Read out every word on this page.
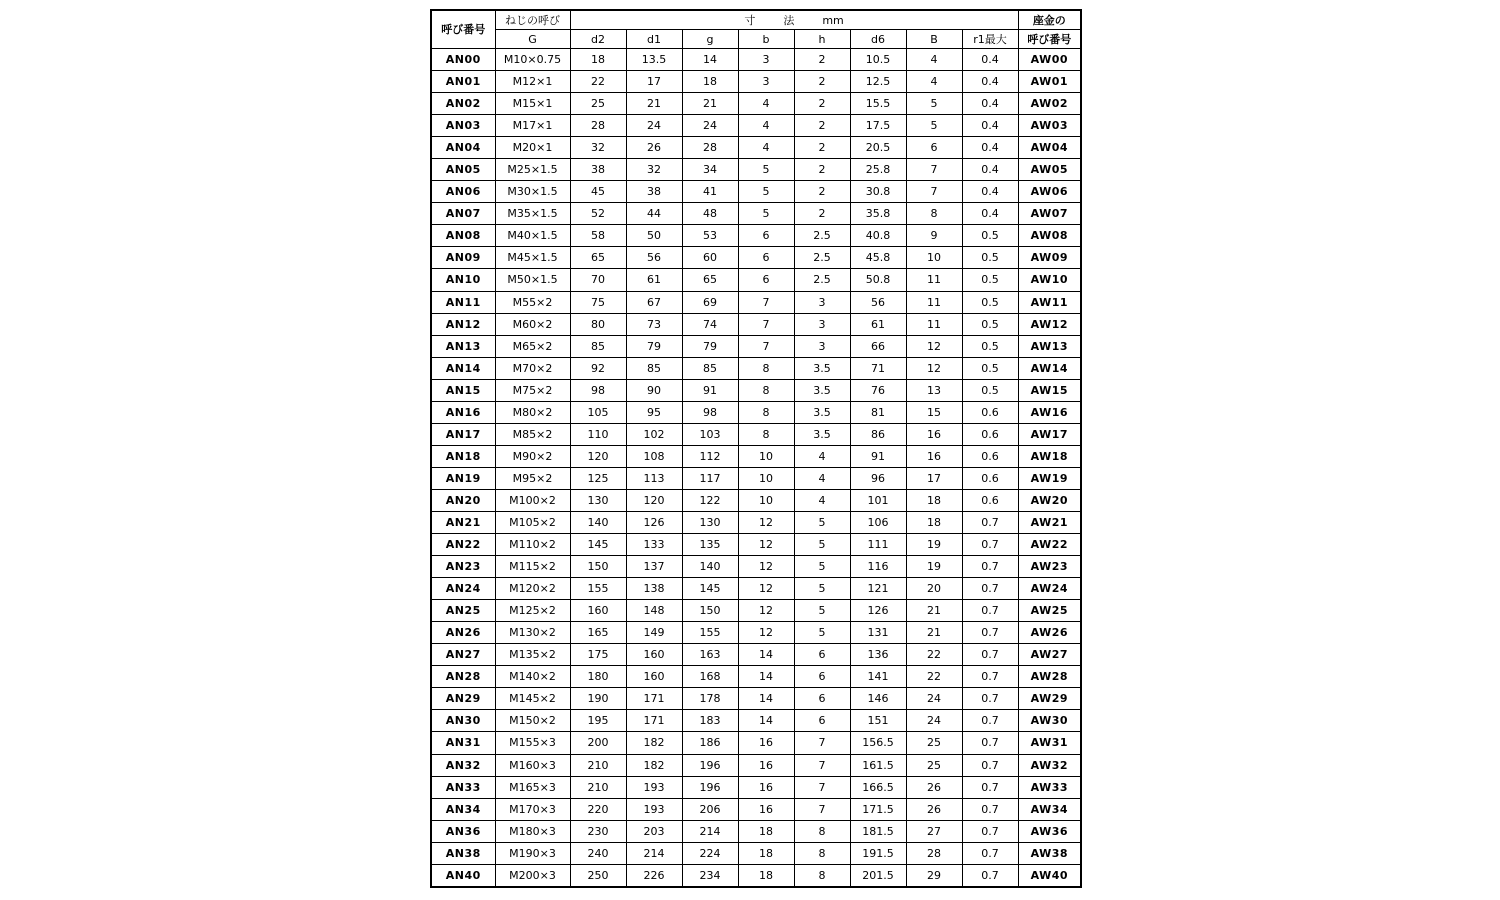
呼び番号	ねじの呼び	寸 法 mm								座金の
	G	d2	d1	g	b	h	d6	B	r1最大	呼び番号
AN00	M10×0.75	18	13.5	14	3	2	10.5	4	0.4	AW00
AN01	M12×1	22	17	18	3	2	12.5	4	0.4	AW01
AN02	M15×1	25	21	21	4	2	15.5	5	0.4	AW02
AN03	M17×1	28	24	24	4	2	17.5	5	0.4	AW03
AN04	M20×1	32	26	28	4	2	20.5	6	0.4	AW04
AN05	M25×1.5	38	32	34	5	2	25.8	7	0.4	AW05
AN06	M30×1.5	45	38	41	5	2	30.8	7	0.4	AW06
AN07	M35×1.5	52	44	48	5	2	35.8	8	0.4	AW07
AN08	M40×1.5	58	50	53	6	2.5	40.8	9	0.5	AW08
AN09	M45×1.5	65	56	60	6	2.5	45.8	10	0.5	AW09
AN10	M50×1.5	70	61	65	6	2.5	50.8	11	0.5	AW10
AN11	M55×2	75	67	69	7	3	56	11	0.5	AW11
AN12	M60×2	80	73	74	7	3	61	11	0.5	AW12
AN13	M65×2	85	79	79	7	3	66	12	0.5	AW13
AN14	M70×2	92	85	85	8	3.5	71	12	0.5	AW14
AN15	M75×2	98	90	91	8	3.5	76	13	0.5	AW15
AN16	M80×2	105	95	98	8	3.5	81	15	0.6	AW16
AN17	M85×2	110	102	103	8	3.5	86	16	0.6	AW17
AN18	M90×2	120	108	112	10	4	91	16	0.6	AW18
AN19	M95×2	125	113	117	10	4	96	17	0.6	AW19
AN20	M100×2	130	120	122	10	4	101	18	0.6	AW20
AN21	M105×2	140	126	130	12	5	106	18	0.7	AW21
AN22	M110×2	145	133	135	12	5	111	19	0.7	AW22
AN23	M115×2	150	137	140	12	5	116	19	0.7	AW23
AN24	M120×2	155	138	145	12	5	121	20	0.7	AW24
AN25	M125×2	160	148	150	12	5	126	21	0.7	AW25
AN26	M130×2	165	149	155	12	5	131	21	0.7	AW26
AN27	M135×2	175	160	163	14	6	136	22	0.7	AW27
AN28	M140×2	180	160	168	14	6	141	22	0.7	AW28
AN29	M145×2	190	171	178	14	6	146	24	0.7	AW29
AN30	M150×2	195	171	183	14	6	151	24	0.7	AW30
AN31	M155×3	200	182	186	16	7	156.5	25	0.7	AW31
AN32	M160×3	210	182	196	16	7	161.5	25	0.7	AW32
AN33	M165×3	210	193	196	16	7	166.5	26	0.7	AW33
AN34	M170×3	220	193	206	16	7	171.5	26	0.7	AW34
AN36	M180×3	230	203	214	18	8	181.5	27	0.7	AW36
AN38	M190×3	240	214	224	18	8	191.5	28	0.7	AW38
AN40	M200×3	250	226	234	18	8	201.5	29	0.7	AW40
